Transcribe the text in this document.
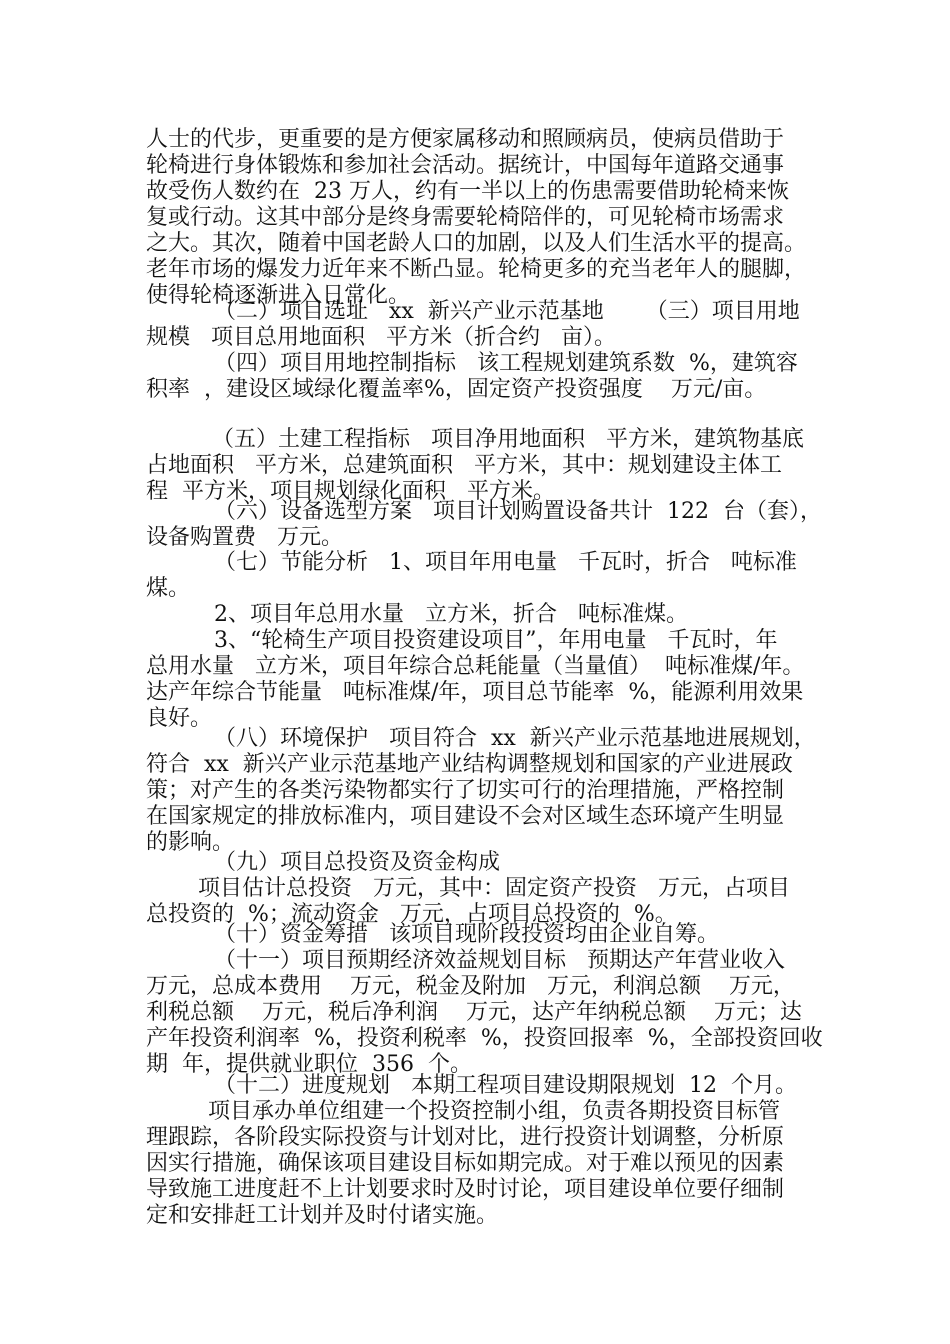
人士的代步，更重要的是方便家属移动和照顾病员，使病员借助于
轮椅进行身体锻炼和参加社会活动。据统计，中国每年道路交通事
故受伤人数约在  23 万人，约有一半以上的伤患需要借助轮椅来恢
复或行动。这其中部分是终身需要轮椅陪伴的，可见轮椅市场需求
之大。其次，随着中国老龄人口的加剧，以及人们生活水平的提高。
老年市场的爆发力近年来不断凸显。轮椅更多的充当老年人的腿脚，
使得轮椅逐渐进入日常化。
（二）项目选址   xx  新兴产业示范基地      （三）项目用地
规模   项目总用地面积   平方米（折合约   亩）。
（四）项目用地控制指标   该工程规划建筑系数  %，建筑容
积率  ，建设区域绿化覆盖率%，固定资产投资强度    万元/亩。
（五）土建工程指标   项目净用地面积   平方米，建筑物基底
占地面积   平方米，总建筑面积   平方米，其中：规划建设主体工
程  平方米，项目规划绿化面积   平方米。
（六）设备选型方案   项目计划购置设备共计  122  台（套），
设备购置费   万元。
（七）节能分析   1、项目年用电量   千瓦时，折合   吨标准
煤。
2、项目年总用水量   立方米，折合   吨标准煤。
3、“轮椅生产项目投资建设项目”，年用电量   千瓦时，年
总用水量   立方米，项目年综合总耗能量（当量值）  吨标准煤/年。
达产年综合节能量   吨标准煤/年，项目总节能率  %，能源利用效果
良好。
（八）环境保护   项目符合  xx  新兴产业示范基地进展规划，
符合  xx  新兴产业示范基地产业结构调整规划和国家的产业进展政
策；对产生的各类污染物都实行了切实可行的治理措施，严格控制
在国家规定的排放标准内，项目建设不会对区域生态环境产生明显
的影响。
（九）项目总投资及资金构成
项目估计总投资   万元，其中：固定资产投资   万元，占项目
总投资的  %；流动资金   万元，占项目总投资的  %。
（十）资金筹措   该项目现阶段投资均由企业自筹。
（十一）项目预期经济效益规划目标   预期达产年营业收入
万元，总成本费用    万元，税金及附加   万元，利润总额    万元，
利税总额    万元，税后净利润    万元，达产年纳税总额    万元；达
产年投资利润率  %，投资利税率  %，投资回报率  %，全部投资回收
期  年，提供就业职位  356  个。
（十二）进度规划   本期工程项目建设期限规划  12  个月。
项目承办单位组建一个投资控制小组，负责各期投资目标管
理跟踪，各阶段实际投资与计划对比，进行投资计划调整，分析原
因实行措施，确保该项目建设目标如期完成。对于难以预见的因素
导致施工进度赶不上计划要求时及时讨论，项目建设单位要仔细制
定和安排赶工计划并及时付诸实施。
